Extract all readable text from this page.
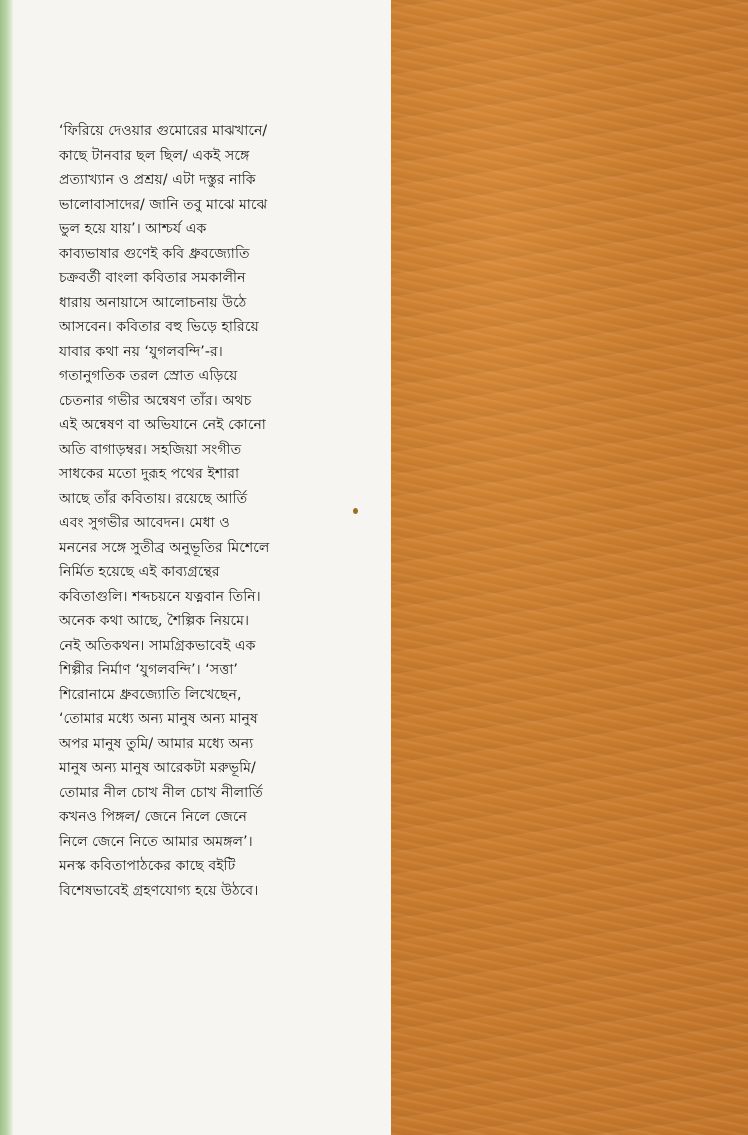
‘ফিরিয়ে দেওয়ার গুমোরের মাঝখানে/
কাছে টানবার ছল ছিল/ একই সঙ্গে
প্রত্যাখ্যান ও প্রশ্রয়/ এটা দস্তুর নাকি
ভালোবাসাদের/ জানি তবু মাঝে মাঝে
ভুল হয়ে যায়’। আশ্চর্য এক
কাব্যভাষার গুণেই কবি ধ্রুবজ্যোতি
চক্রবর্তী বাংলা কবিতার সমকালীন
ধারায় অনায়াসে আলোচনায় উঠে
আসবেন। কবিতার বহু ভিড়ে হারিয়ে
যাবার কথা নয় ‘যুগলবন্দি’-র।
গতানুগতিক তরল স্রোত এড়িয়ে
চেতনার গভীর অন্বেষণ তাঁর। অথচ
এই অন্বেষণ বা অভিযানে নেই কোনো
অতি বাগাড়ম্বর। সহজিয়া সংগীত
সাধকের মতো দুরূহ পথের ইশারা
আছে তাঁর কবিতায়। রয়েছে আর্তি
এবং সুগভীর আবেদন। মেধা ও
মননের সঙ্গে সুতীব্র অনুভূতির মিশেলে
নির্মিত হয়েছে এই কাব্যগ্রন্থের
কবিতাগুলি। শব্দচয়নে যত্নবান তিনি।
অনেক কথা আছে, শৈল্পিক নিয়মে।
নেই অতিকথন। সামগ্রিকভাবেই এক
শিল্পীর নির্মাণ ‘যুগলবন্দি’। ‘সত্তা’
শিরোনামে ধ্রুবজ্যোতি লিখেছেন,
‘তোমার মধ্যে অন্য মানুষ অন্য মানুষ
অপর মানুষ তুমি/ আমার মধ্যে অন্য
মানুষ অন্য মানুষ আরেকটা মরুভূমি/
তোমার নীল চোখ নীল চোখ নীলার্তি
কখনও পিঙ্গল/ জেনে নিলে জেনে
নিলে জেনে নিতে আমার অমঙ্গল’।
মনস্ক কবিতাপাঠকের কাছে বইটি
বিশেষভাবেই গ্রহণযোগ্য হয়ে উঠবে।
